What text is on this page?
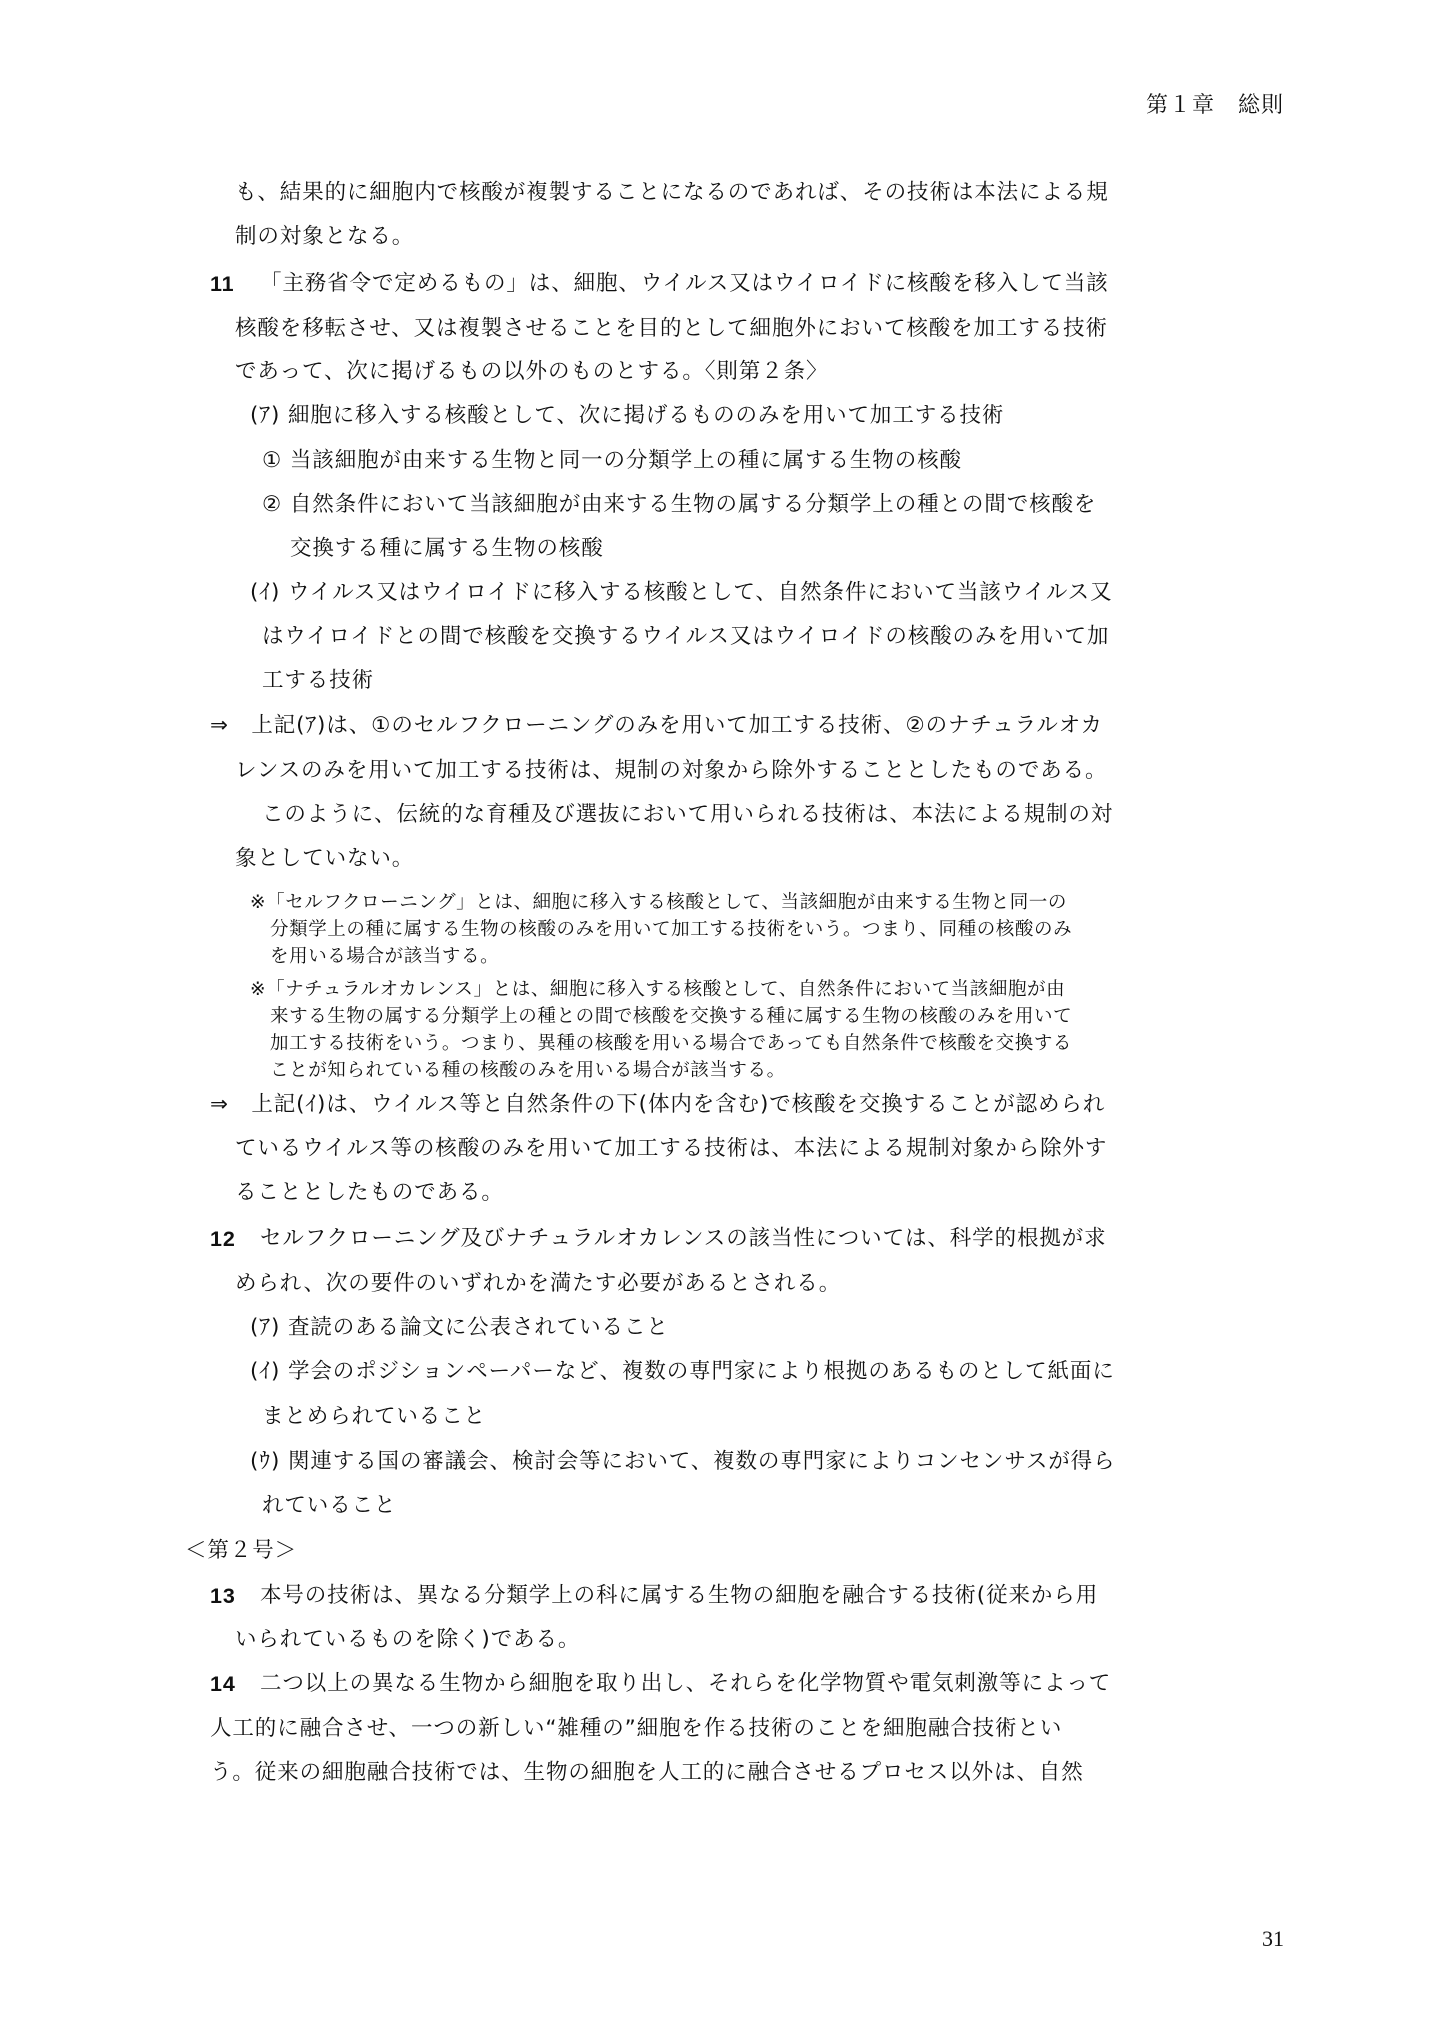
第１章　総則
も、結果的に細胞内で核酸が複製することになるのであれば、その技術は本法による規
制の対象となる。
11 「主務省令で定めるもの」は、細胞、ウイルス又はウイロイドに核酸を移入して当該
核酸を移転させ、又は複製させることを目的として細胞外において核酸を加工する技術
であって、次に掲げるもの以外のものとする。〈則第２条〉
(ｱ) 細胞に移入する核酸として、次に掲げるもののみを用いて加工する技術
① 当該細胞が由来する生物と同一の分類学上の種に属する生物の核酸
② 自然条件において当該細胞が由来する生物の属する分類学上の種との間で核酸を
交換する種に属する生物の核酸
(ｲ) ウイルス又はウイロイドに移入する核酸として、自然条件において当該ウイルス又
はウイロイドとの間で核酸を交換するウイルス又はウイロイドの核酸のみを用いて加
工する技術
⇒　上記(ｱ)は、①のセルフクローニングのみを用いて加工する技術、②のナチュラルオカ
レンスのみを用いて加工する技術は、規制の対象から除外することとしたものである。
このように、伝統的な育種及び選抜において用いられる技術は、本法による規制の対
象としていない。
※「セルフクローニング」とは、細胞に移入する核酸として、当該細胞が由来する生物と同一の
分類学上の種に属する生物の核酸のみを用いて加工する技術をいう。つまり、同種の核酸のみ
を用いる場合が該当する。
※「ナチュラルオカレンス」とは、細胞に移入する核酸として、自然条件において当該細胞が由
来する生物の属する分類学上の種との間で核酸を交換する種に属する生物の核酸のみを用いて
加工する技術をいう。つまり、異種の核酸を用いる場合であっても自然条件で核酸を交換する
ことが知られている種の核酸のみを用いる場合が該当する。
⇒　上記(ｲ)は、ウイルス等と自然条件の下(体内を含む)で核酸を交換することが認められ
ているウイルス等の核酸のみを用いて加工する技術は、本法による規制対象から除外す
ることとしたものである。
12 セルフクローニング及びナチュラルオカレンスの該当性については、科学的根拠が求
められ、次の要件のいずれかを満たす必要があるとされる。
(ｱ) 査読のある論文に公表されていること
(ｲ) 学会のポジションペーパーなど、複数の専門家により根拠のあるものとして紙面に
まとめられていること
(ｳ) 関連する国の審議会、検討会等において、複数の専門家によりコンセンサスが得ら
れていること
＜第２号＞
13 本号の技術は、異なる分類学上の科に属する生物の細胞を融合する技術(従来から用
いられているものを除く)である。
14 二つ以上の異なる生物から細胞を取り出し、それらを化学物質や電気刺激等によって
人工的に融合させ、一つの新しい“雑種の”細胞を作る技術のことを細胞融合技術とい
う。従来の細胞融合技術では、生物の細胞を人工的に融合させるプロセス以外は、自然
31
